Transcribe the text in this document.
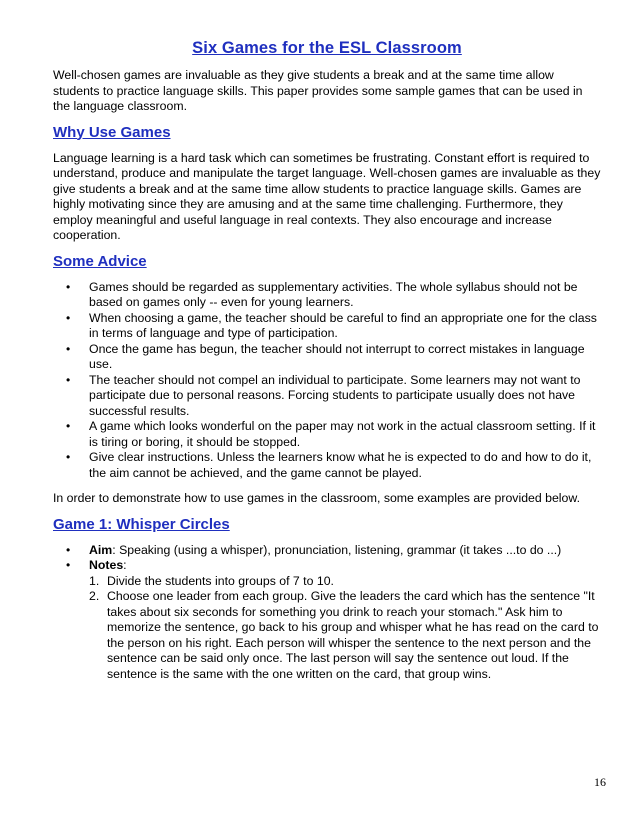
Six Games for the ESL Classroom

Well-chosen games are invaluable as they give students a break and at the same time allow students to practice language skills. This paper provides some sample games that can be used in the language classroom.

Why Use Games

Language learning is a hard task which can sometimes be frustrating. Constant effort is required to understand, produce and manipulate the target language. Well-chosen games are invaluable as they give students a break and at the same time allow students to practice language skills. Games are highly motivating since they are amusing and at the same time challenging. Furthermore, they employ meaningful and useful language in real contexts. They also encourage and increase cooperation.

Some Advice
• Games should be regarded as supplementary activities. The whole syllabus should not be based on games only -- even for young learners.
• When choosing a game, the teacher should be careful to find an appropriate one for the class in terms of language and type of participation.
• Once the game has begun, the teacher should not interrupt to correct mistakes in language use.
• The teacher should not compel an individual to participate. Some learners may not want to participate due to personal reasons. Forcing students to participate usually does not have successful results.
• A game which looks wonderful on the paper may not work in the actual classroom setting. If it is tiring or boring, it should be stopped.
• Give clear instructions. Unless the learners know what he is expected to do and how to do it, the aim cannot be achieved, and the game cannot be played.

In order to demonstrate how to use games in the classroom, some examples are provided below.

Game 1: Whisper Circles
• Aim: Speaking (using a whisper), pronunciation, listening, grammar (it takes ...to do ...)
• Notes:
1. Divide the students into groups of 7 to 10.
2. Choose one leader from each group. Give the leaders the card which has the sentence "It takes about six seconds for something you drink to reach your stomach." Ask him to memorize the sentence, go back to his group and whisper what he has read on the card to the person on his right. Each person will whisper the sentence to the next person and the sentence can be said only once. The last person will say the sentence out loud. If the sentence is the same with the one written on the card, that group wins.
16
